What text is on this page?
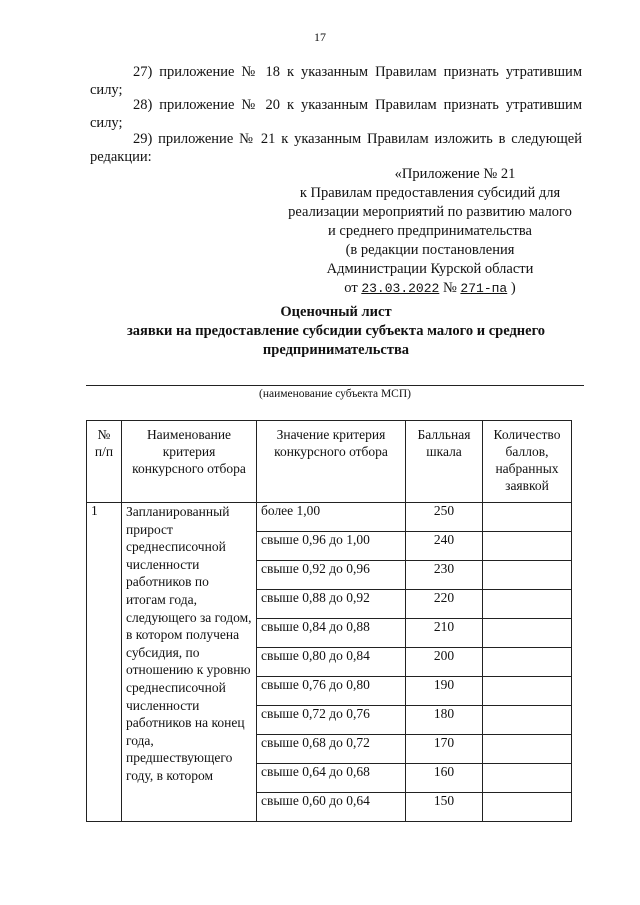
17
27) приложение № 18 к указанным Правилам признать утратившим
силу;
28) приложение № 20 к указанным Правилам признать утратившим
силу;
29) приложение № 21 к указанным Правилам изложить в следующей
редакции:
«Приложение № 21
к Правилам предоставления субсидий для
реализации мероприятий по развитию малого
и среднего предпринимательства
(в редакции постановления
Администрации Курской области
от 23.03.2022 № 271-па )
Оценочный лист
заявки на предоставление субсидии субъекта малого и среднего
предпринимательства
(наименование субъекта МСП)
№ п/п	Наименование критерия конкурсного отбора	Значение критерия конкурсного отбора	Балльная шкала	Количество баллов, набранных заявкой
1	Запланированный прирост среднесписочной численности работников по итогам года, следующего за годом, в котором получена субсидия, по отношению к уровню среднесписочной численности работников на конец года, предшествующего году, в котором	более 1,00	250	
		свыше 0,96 до 1,00	240	
		свыше 0,92 до 0,96	230	
		свыше 0,88 до 0,92	220	
		свыше 0,84 до 0,88	210	
		свыше 0,80 до 0,84	200	
		свыше 0,76 до 0,80	190	
		свыше 0,72 до 0,76	180	
		свыше 0,68 до 0,72	170	
		свыше 0,64 до 0,68	160	
		свыше 0,60 до 0,64	150	
